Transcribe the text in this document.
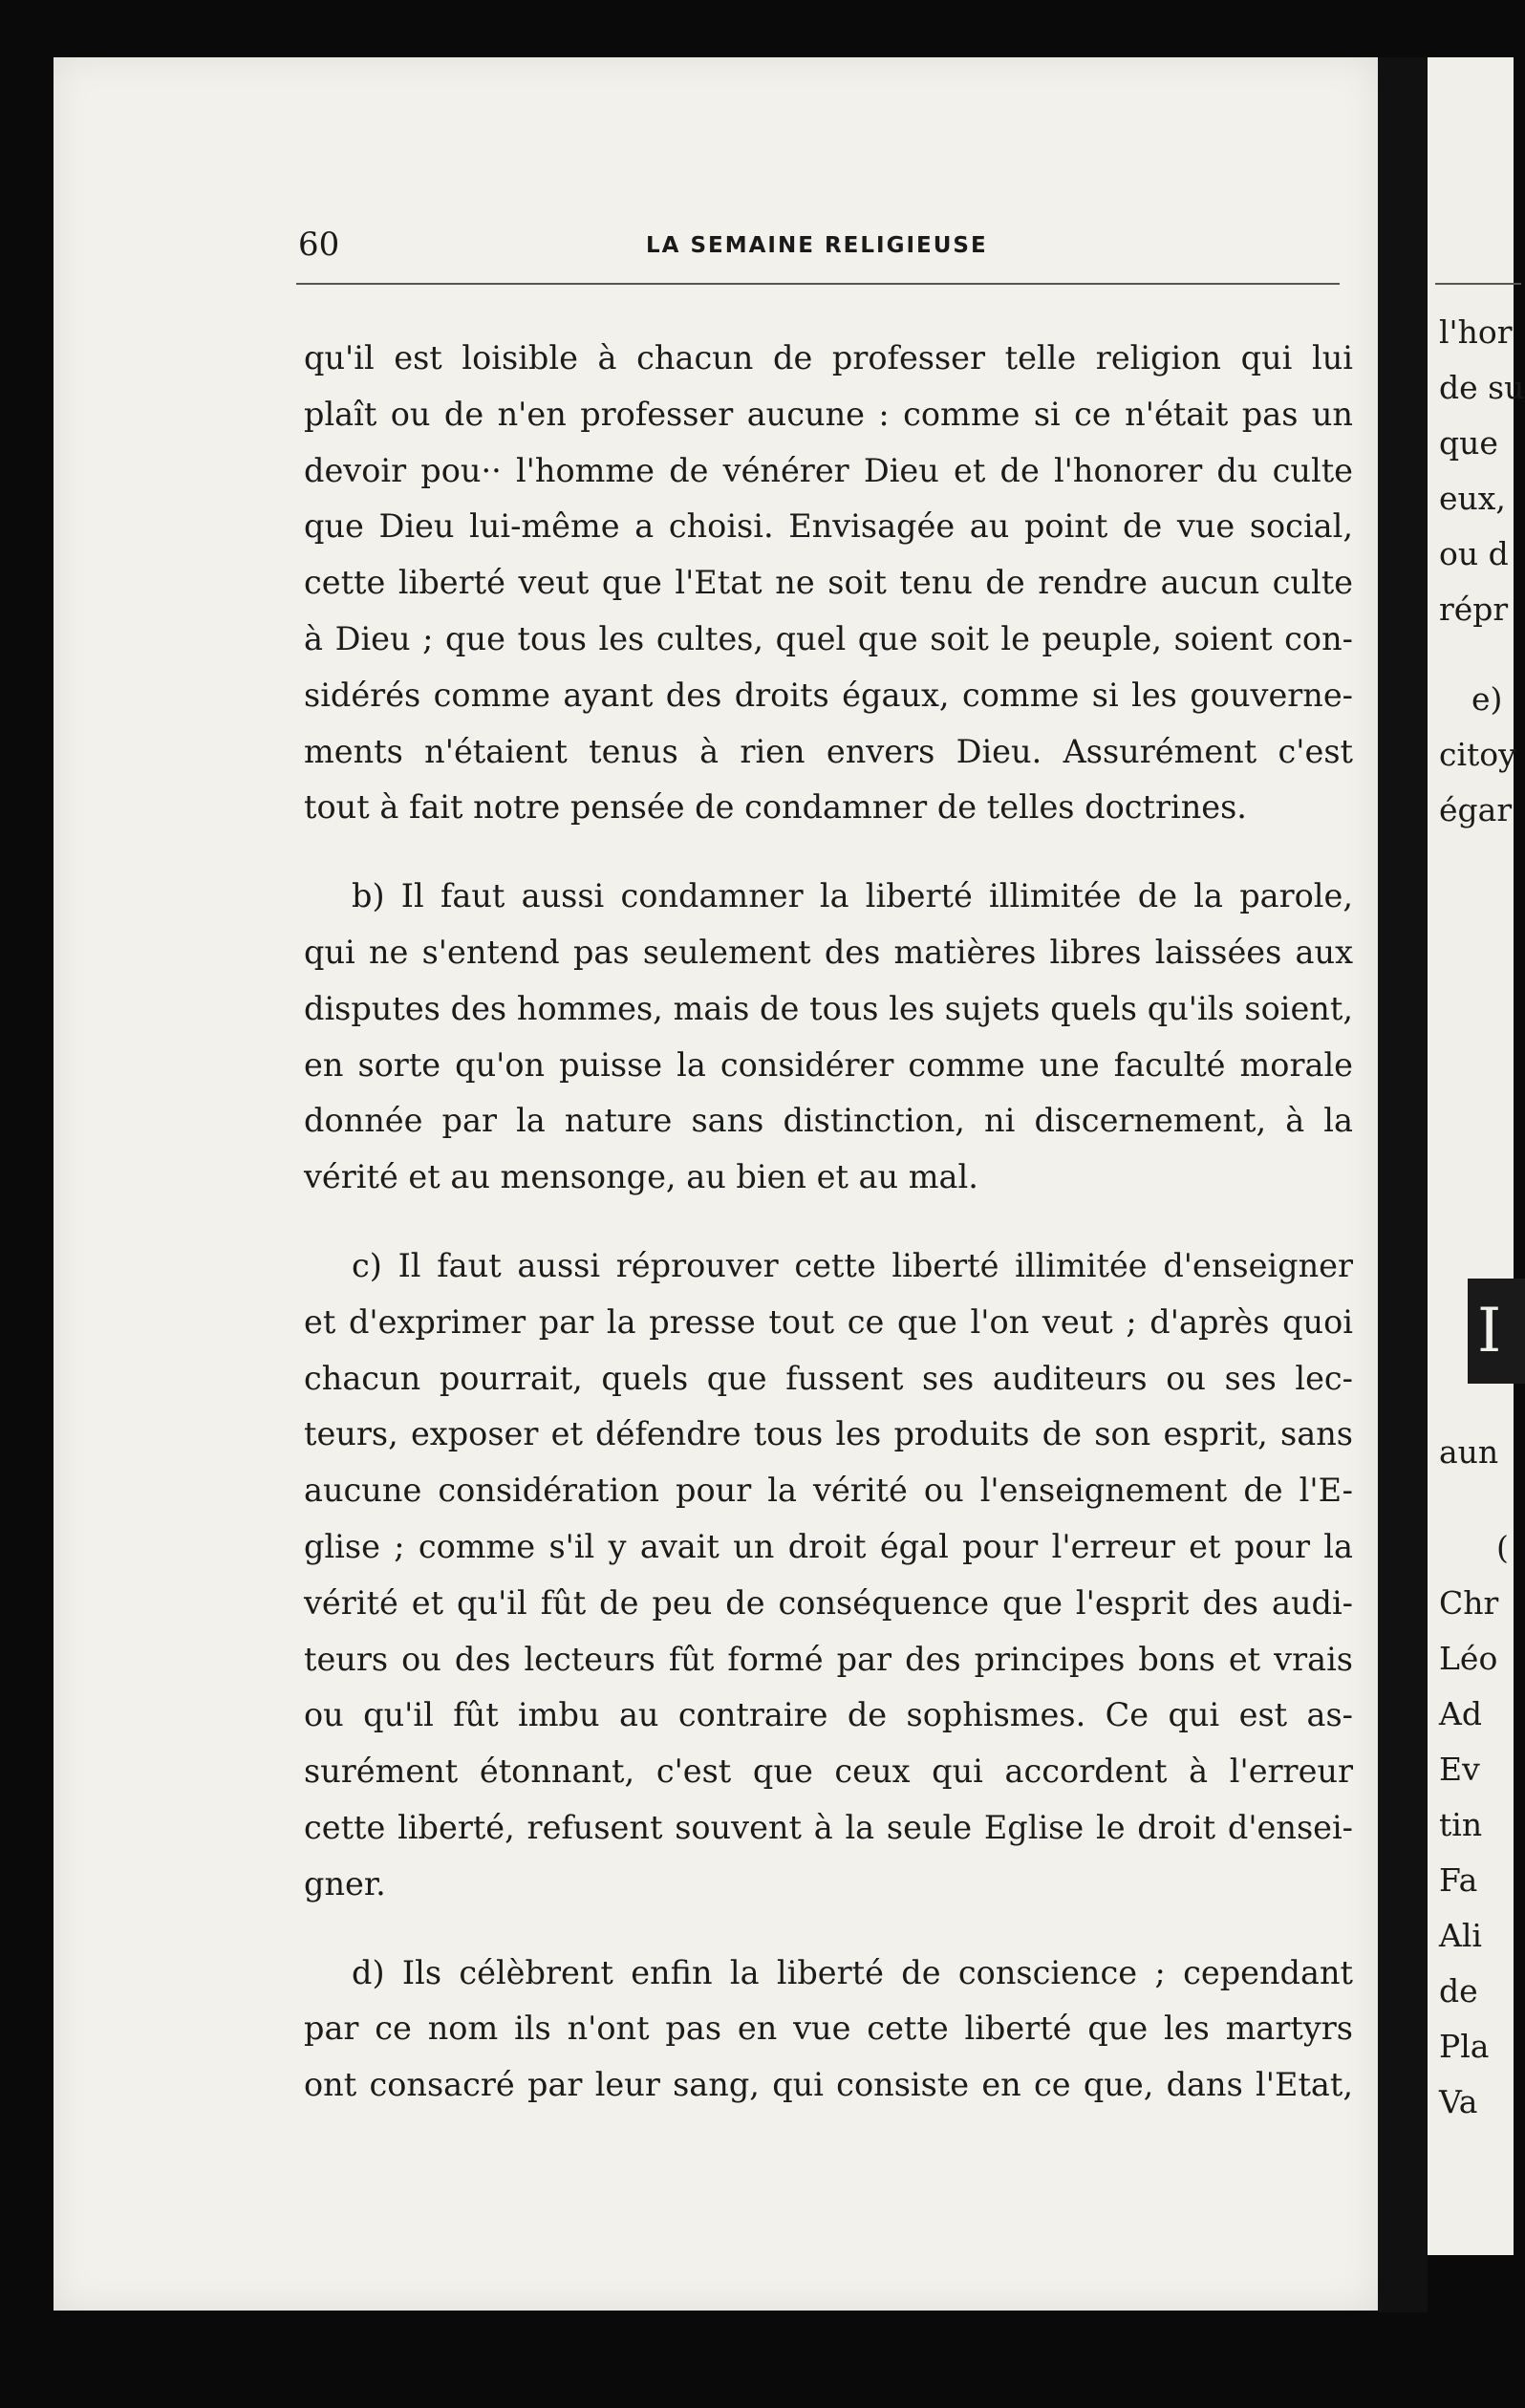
60	LA SEMAINE RELIGIEUSE
qu'il est loisible à chacun de professer telle religion qui lui
plaît ou de n'en professer aucune : comme si ce n'était pas un
devoir pou·· l'homme de vénérer Dieu et de l'honorer du culte
que Dieu lui-même a choisi. Envisagée au point de vue social,
cette liberté veut que l'Etat ne soit tenu de rendre aucun culte
à Dieu ; que tous les cultes, quel que soit le peuple, soient con-
sidérés comme ayant des droits égaux, comme si les gouverne-
ments n'étaient tenus à rien envers Dieu. Assurément c'est
tout à fait notre pensée de condamner de telles doctrines.
b) Il faut aussi condamner la liberté illimitée de la parole,
qui ne s'entend pas seulement des matières libres laissées aux
disputes des hommes, mais de tous les sujets quels qu'ils soient,
en sorte qu'on puisse la considérer comme une faculté morale
donnée par la nature sans distinction, ni discernement, à la
vérité et au mensonge, au bien et au mal.
c) Il faut aussi réprouver cette liberté illimitée d'enseigner
et d'exprimer par la presse tout ce que l'on veut ; d'après quoi
chacun pourrait, quels que fussent ses auditeurs ou ses lec-
teurs, exposer et défendre tous les produits de son esprit, sans
aucune considération pour la vérité ou l'enseignement de l'E-
glise ; comme s'il y avait un droit égal pour l'erreur et pour la
vérité et qu'il fût de peu de conséquence que l'esprit des audi-
teurs ou des lecteurs fût formé par des principes bons et vrais
ou qu'il fût imbu au contraire de sophismes. Ce qui est as-
surément étonnant, c'est que ceux qui accordent à l'erreur
cette liberté, refusent souvent à la seule Eglise le droit d'ensei-
gner.
d) Ils célèbrent enfin la liberté de conscience ; cependant
par ce nom ils n'ont pas en vue cette liberté que les martyrs
ont consacré par leur sang, qui consiste en ce que, dans l'Etat,
l'hor
de su
que
eux,
ou d
répr
e)
citoy
égar
I
aun
(
Chr
Léo
Ad
Ev
tin
Fa
Ali
de
Pla
Va
